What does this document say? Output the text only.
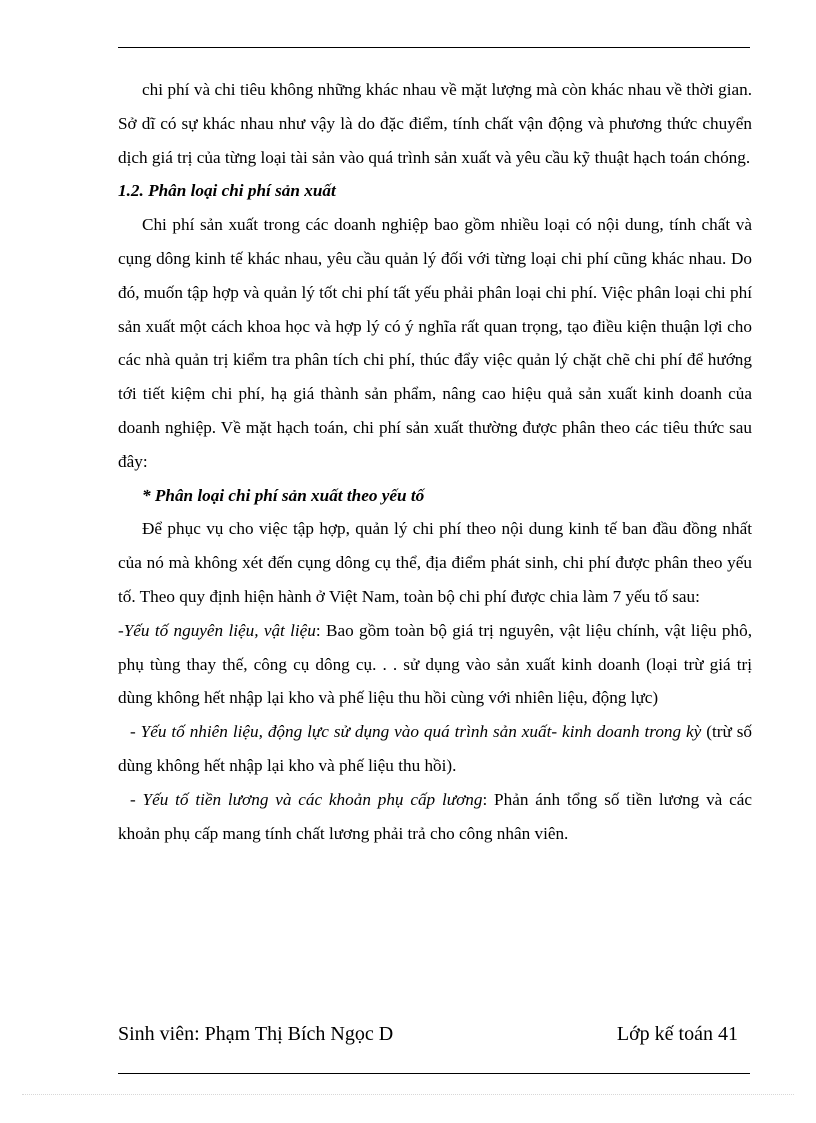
chi phí và chi tiêu không những khác nhau về mặt lượng mà còn khác nhau về thời gian. Sở dĩ có sự khác nhau như vậy là do đặc điểm, tính chất vận động và phương thức chuyển dịch giá trị của từng loại tài sản vào quá trình sản xuất và yêu cầu kỹ thuật hạch toán chóng.

1.2. Phân loại chi phí sản xuất

Chi phí sản xuất trong các doanh nghiệp bao gồm nhiều loại có nội dung, tính chất và cụng dông kinh tế khác nhau, yêu cầu quản lý đối với từng loại chi phí cũng khác nhau. Do đó, muốn tập hợp và quản lý tốt chi phí tất yếu phải phân loại chi phí. Việc phân loại chi phí sản xuất một cách khoa học và hợp lý có ý nghĩa rất quan trọng, tạo điều kiện thuận lợi cho các nhà quản trị kiểm tra phân tích chi phí, thúc đẩy việc quản lý chặt chẽ chi phí để hướng tới tiết kiệm chi phí, hạ giá thành sản phẩm, nâng cao hiệu quả sản xuất kinh doanh của doanh nghiệp. Về mặt hạch toán, chi phí sản xuất thường được phân theo các tiêu thức sau đây:

* Phân loại chi phí sản xuất theo yếu tố

Để phục vụ cho việc tập hợp, quản lý chi phí theo nội dung kinh tế ban đầu đồng nhất của nó mà không xét đến cụng dông cụ thể, địa điểm phát sinh, chi phí được phân theo yếu tố. Theo quy định hiện hành ở Việt Nam, toàn bộ chi phí được chia làm 7 yếu tố sau:

-Yếu tố nguyên liệu, vật liệu: Bao gồm toàn bộ giá trị nguyên, vật liệu chính, vật liệu phô, phụ tùng thay thế, công cụ dông cụ. . . sử dụng vào sản xuất kinh doanh (loại trừ giá trị dùng không hết nhập lại kho và phế liệu thu hồi cùng với nhiên liệu, động lực)

- Yếu tố nhiên liệu, động lực sử dụng vào quá trình sản xuất- kinh doanh trong kỳ (trừ số dùng không hết nhập lại kho và phế liệu thu hồi).

- Yếu tố tiền lương và các khoản phụ cấp lương: Phản ánh tổng số tiền lương và các khoản phụ cấp mang tính chất lương phải trả cho công nhân viên.

Sinh viên: Phạm Thị Bích Ngọc D	Lớp kế toán 41
